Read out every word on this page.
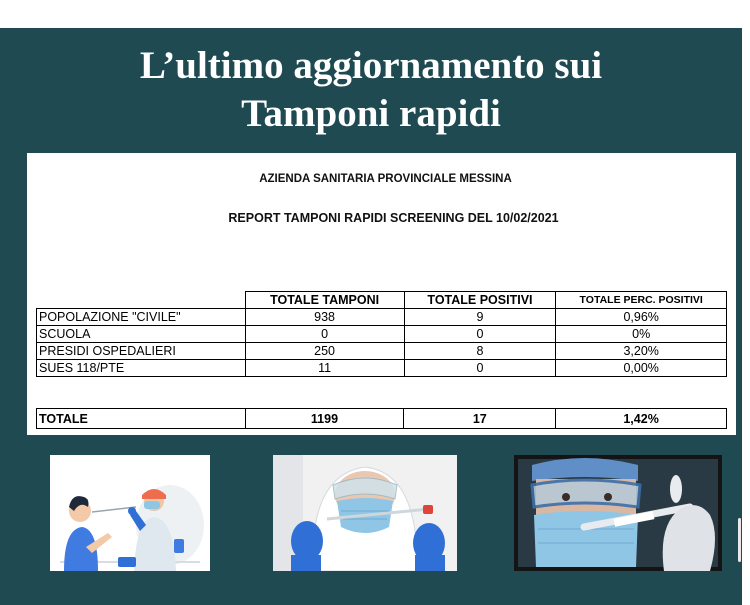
L’ultimo aggiornamento sui
Tamponi rapidi
AZIENDA SANITARIA PROVINCIALE MESSINA
REPORT TAMPONI RAPIDI SCREENING DEL 10/02/2021
	TOTALE TAMPONI	TOTALE POSITIVI	TOTALE PERC. POSITIVI
POPOLAZIONE "CIVILE"	938	9	0,96%
SCUOLA	0	0	0%
PRESIDI OSPEDALIERI	250	8	3,20%
SUES 118/PTE	11	0	0,00%
TOTALE	1199	17	1,42%
